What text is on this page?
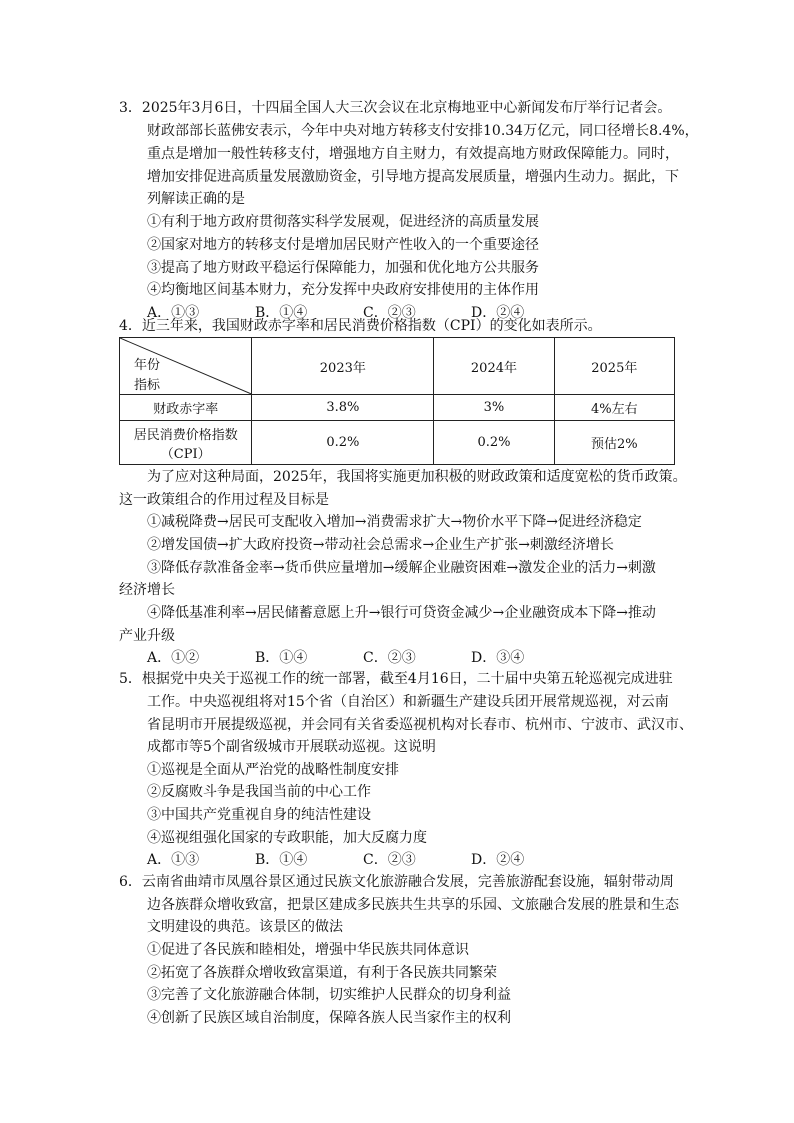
3．2025年3月6日，十四届全国人大三次会议在北京梅地亚中心新闻发布厅举行记者会。
财政部部长蓝佛安表示，今年中央对地方转移支付安排10.34万亿元，同口径增长8.4%，
重点是增加一般性转移支付，增强地方自主财力，有效提高地方财政保障能力。同时，
增加安排促进高质量发展激励资金，引导地方提高发展质量，增强内生动力。据此，下
列解读正确的是
①有利于地方政府贯彻落实科学发展观，促进经济的高质量发展
②国家对地方的转移支付是增加居民财产性收入的一个重要途径
③提高了地方财政平稳运行保障能力，加强和优化地方公共服务
④均衡地区间基本财力，充分发挥中央政府安排使用的主体作用
A．①③	B．①④	C．②③	D．②④
4．近三年来，我国财政赤字率和居民消费价格指数（CPI）的变化如表所示。
年份
指标	2023年	2024年	2025年
财政赤字率	3.8%	3%	4%左右

居民消费价格指数
（CPI）	0.2%	0.2%	预估2%
为了应对这种局面，2025年，我国将实施更加积极的财政政策和适度宽松的货币政策。
这一政策组合的作用过程及目标是
①减税降费→居民可支配收入增加→消费需求扩大→物价水平下降→促进经济稳定
②增发国债→扩大政府投资→带动社会总需求→企业生产扩张→刺激经济增长
③降低存款准备金率→货币供应量增加→缓解企业融资困难→激发企业的活力→刺激
经济增长
④降低基准利率→居民储蓄意愿上升→银行可贷资金减少→企业融资成本下降→推动
产业升级
A．①②	B．①④	C．②③	D．③④
5．根据党中央关于巡视工作的统一部署，截至4月16日，二十届中央第五轮巡视完成进驻
工作。中央巡视组将对15个省（自治区）和新疆生产建设兵团开展常规巡视，对云南
省昆明市开展提级巡视，并会同有关省委巡视机构对长春市、杭州市、宁波市、武汉市、
成都市等5个副省级城市开展联动巡视。这说明
①巡视是全面从严治党的战略性制度安排
②反腐败斗争是我国当前的中心工作
③中国共产党重视自身的纯洁性建设
④巡视组强化国家的专政职能，加大反腐力度
A．①③	B．①④	C．②③	D．②④
6．云南省曲靖市凤凰谷景区通过民族文化旅游融合发展，完善旅游配套设施，辐射带动周
边各族群众增收致富，把景区建成多民族共生共享的乐园、文旅融合发展的胜景和生态
文明建设的典范。该景区的做法
①促进了各民族和睦相处，增强中华民族共同体意识
②拓宽了各族群众增收致富渠道，有利于各民族共同繁荣
③完善了文化旅游融合体制，切实维护人民群众的切身利益
④创新了民族区域自治制度，保障各族人民当家作主的权利
